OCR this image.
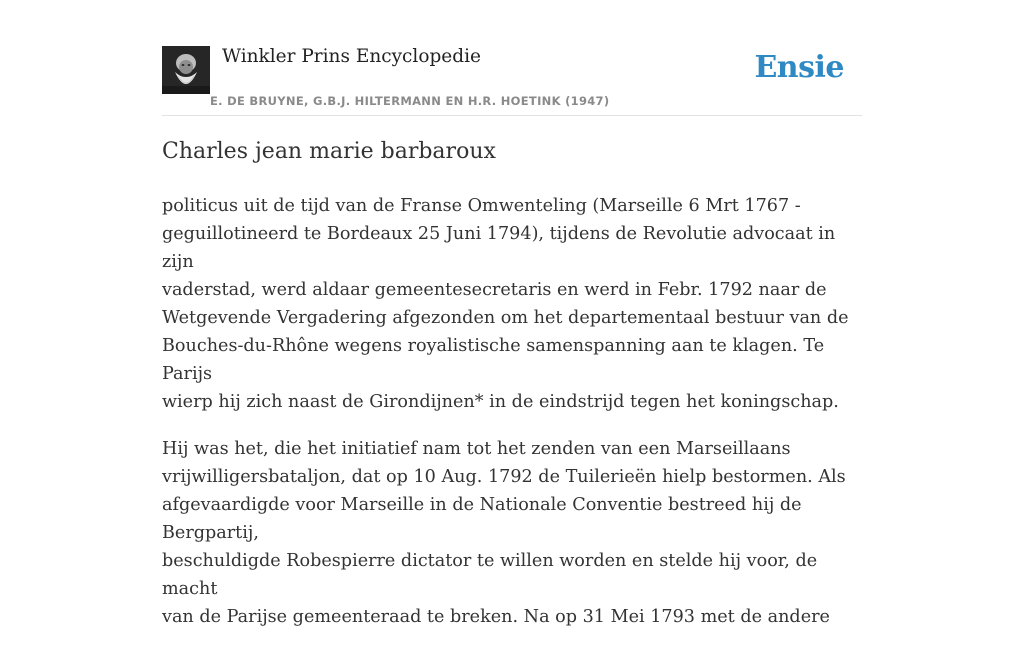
Winkler Prins Encyclopedie
E. DE BRUYNE, G.B.J. HILTERMANN EN H.R. HOETINK (1947)
Ensie
Charles jean marie barbaroux

politicus uit de tijd van de Franse Omwenteling (Marseille 6 Mrt 1767 -
geguillotineerd te Bordeaux 25 Juni 1794), tijdens de Revolutie advocaat in zijn
vaderstad, werd aldaar gemeentesecretaris en werd in Febr. 1792 naar de
Wetgevende Vergadering afgezonden om het departementaal bestuur van de
Bouches-du-Rhône wegens royalistische samenspanning aan te klagen. Te Parijs
wierp hij zich naast de Girondijnen* in de eindstrijd tegen het koningschap.

Hij was het, die het initiatief nam tot het zenden van een Marseillaans
vrijwilligersbataljon, dat op 10 Aug. 1792 de Tuilerieën hielp bestormen. Als
afgevaardigde voor Marseille in de Nationale Conventie bestreed hij de Bergpartij,
beschuldigde Robespierre dictator te willen worden en stelde hij voor, de macht
van de Parijse gemeenteraad te breken. Na op 31 Mei 1793 met de andere
